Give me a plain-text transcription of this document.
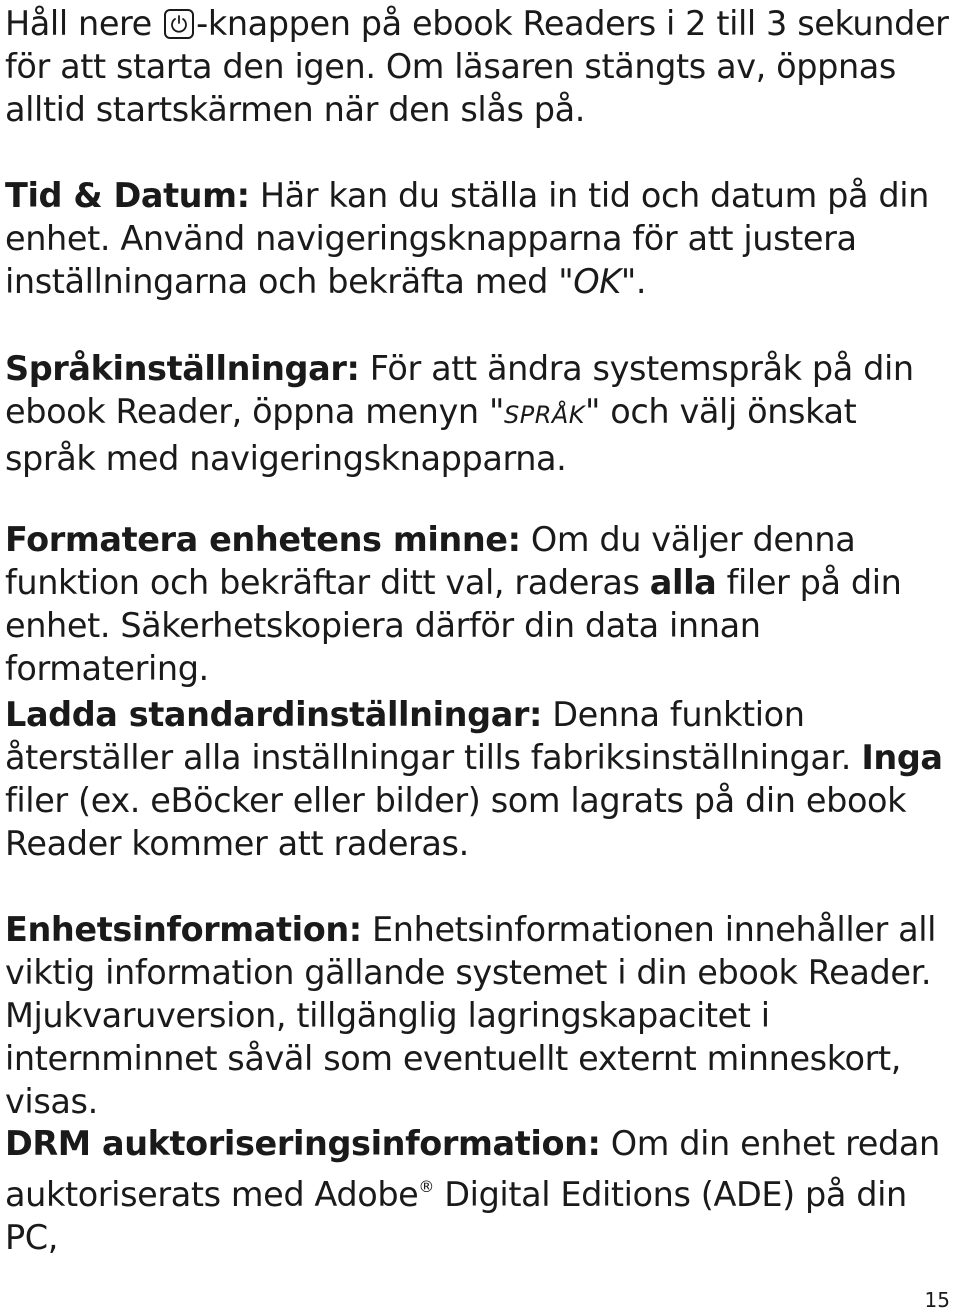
Håll nere -knappen på ebook Readers i 2 till 3 sekunder för att starta den igen. Om läsaren stängts av, öppnas alltid startskärmen när den slås på.

Tid & Datum: Här kan du ställa in tid och datum på din enhet. Använd navigeringsknapparna för att justera inställningarna och bekräfta med "OK".

Språkinställningar: För att ändra systemspråk på din ebook Reader, öppna menyn "SPRÅK" och välj önskat språk med navigeringsknapparna.

Formatera enhetens minne: Om du väljer denna funktion och bekräftar ditt val, raderas alla filer på din enhet. Säkerhetskopiera därför din data innan formatering.

Ladda standardinställningar: Denna funktion återställer alla inställningar tills fabriksinställningar. Inga filer (ex. eBöcker eller bilder) som lagrats på din ebook Reader kommer att raderas.

Enhetsinformation: Enhetsinformationen innehåller all viktig information gällande systemet i din ebook Reader. Mjukvaruversion, tillgänglig lagringskapacitet i internminnet såväl som eventuellt externt minneskort, visas.

DRM auktoriseringsinformation: Om din enhet redan auktoriserats med Adobe® Digital Editions (ADE) på din PC,

15
